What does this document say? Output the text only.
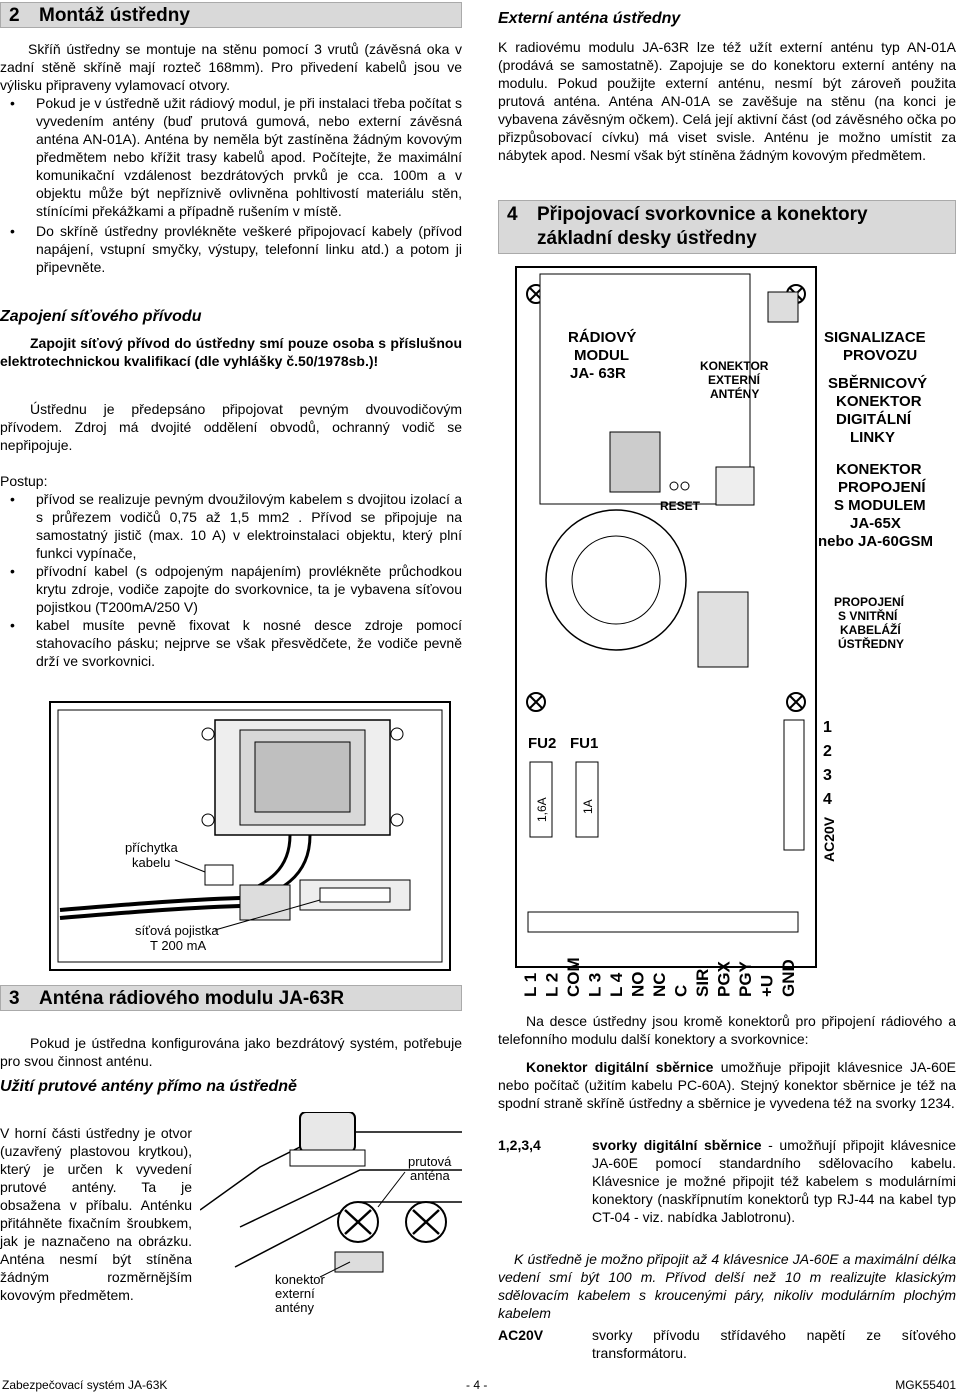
2 Montáž ústředny

Skříň ústředny se montuje na stěnu pomocí 3 vrutů (závěsná oka v zadní stěně skříně mají rozteč 168mm). Pro přivedení kabelů jsou ve výlisku připraveny vylamovací otvory.

• Pokud je v ústředně užit rádiový modul, je při instalaci třeba počítat s vyvedením antény (buď prutová gumová, nebo externí závěsná anténa AN-01A). Anténa by neměla být zastíněna žádným kovovým předmětem nebo křížit trasy kabelů apod. Počítejte, že maximální komunikační vzdálenost bezdrátových prvků je cca. 100m a v objektu může být nepříznivě ovlivněna pohltivostí materiálu stěn, stínícími překážkami a případně rušením v místě.
• Do skříně ústředny provlékněte veškeré připojovací kabely (přívod napájení, vstupní smyčky, výstupy, telefonní linku atd.) a potom ji připevněte.
Zapojení síťového přívodu

Zapojit síťový přívod do ústředny smí pouze osoba s příslušnou elektrotechnickou kvalifikací (dle vyhlášky č.50/1978sb.)!

Ústřednu je předepsáno připojovat pevným dvouvodičovým přívodem. Zdroj má dvojité oddělení obvodů, ochranný vodič se nepřipojuje.

Postup:

• přívod se realizuje pevným dvoužilovým kabelem s dvojitou izolací a s průřezem vodičů 0,75 až 1,5 mm2 . Přívod se připojuje na samostatný jistič (max. 10 A) v elektroinstalaci objektu, který plní funkci vypínače,
• přívodní kabel (s odpojeným napájením) provlékněte průchodkou krytu zdroje, vodiče zapojte do svorkovnice, ta je vybavena síťovou pojistkou (T200mA/250 V)
• kabel musíte pevně fixovat k nosné desce zdroje pomocí stahovacího pásku; nejprve se však přesvědčete, že vodiče pevně drží ve svorkovnici.
příchytka
kabelu
síťová pojistka
T 200 mA
3 Anténa rádiového modulu JA-63R

Pokud je ústředna konfigurována jako bezdrátový systém, potřebuje pro svou činnost anténu.

Užití prutové antény přímo na ústředně

V horní části ústředny je otvor (uzavřený plastovou krytkou), který je určen k vyvedení prutové antény. Ta je obsažena v příbalu. Anténku přitáhněte fixačním šroubkem, jak je naznačeno na obrázku. Anténa nesmí být stíněna žádným rozměrnějším kovovým předmětem.

prutová
anténa
konektor
externí
antény
Externí anténa ústředny

K radiovému modulu JA-63R lze též užít externí anténu typ AN-01A (prodává se samostatně). Zapojuje se do konektoru externí antény na modulu. Pokud použijte externí anténu, nesmí být zároveň použita prutová anténa. Anténa AN-01A se zavěšuje na stěnu (na konci je vybavena závěsným očkem). Celá její aktivní část (od závěsného očka po přizpůsobovací cívku) má viset svisle. Anténu je možno umístit za nábytek apod. Nesmí však být stíněna žádným kovovým předmětem.

4 Připojovací svorkovnice a konektory
základní desky ústředny
RÁDIOVÝ
MODUL
JA- 63R	KONEKTOR
EXTERNÍ
ANTÉNY
RESET
FU2 FU1
1,6A	1A
1
2
3
4
AC20V
SIGNALIZACE
PROVOZU
SBĚRNICOVÝ
KONEKTOR
DIGITÁLNÍ
LINKY
KONEKTOR
PROPOJENÍ
S MODULEM
JA-65X
nebo JA-60GSM
PROPOJENÍ
S VNITŘNÍ
KABELÁŽÍ
ÚSTŘEDNY
L 1 L 2 COM L 3 L 4 NO NC C SIR PGX PGY +U GND

Na desce ústředny jsou kromě konektorů pro připojení rádiového a telefonního modulu další konektory a svorkovnice:

Konektor digitální sběrnice umožňuje připojit klávesnice JA-60E nebo počítač (užitím kabelu PC-60A). Stejný konektor sběrnice je též na spodní straně skříně ústředny a sběrnice je vyvedena též na svorky 1234.

1,2,3,4	svorky digitální sběrnice - umožňují připojit klávesnice JA-60E pomocí standardního sdělovacího kabelu. Klávesnice je možné připojit též kabelem s modulárními konektory (naskřípnutím konektorů typ RJ-44 na kabel typ CT-04 - viz. nabídka Jablotronu).

K ústředně je možno připojit až 4 klávesnice JA-60E a maximální délka vedení smí být 100 m. Přívod delší než 10 m realizujte klasickým sdělovacím kabelem s kroucenými páry, nikoliv modulárním plochým kabelem

AC20V	svorky přívodu střídavého napětí ze síťového transformátoru.
Zabezpečovací systém JA-63K	- 4 -	MGK55401
